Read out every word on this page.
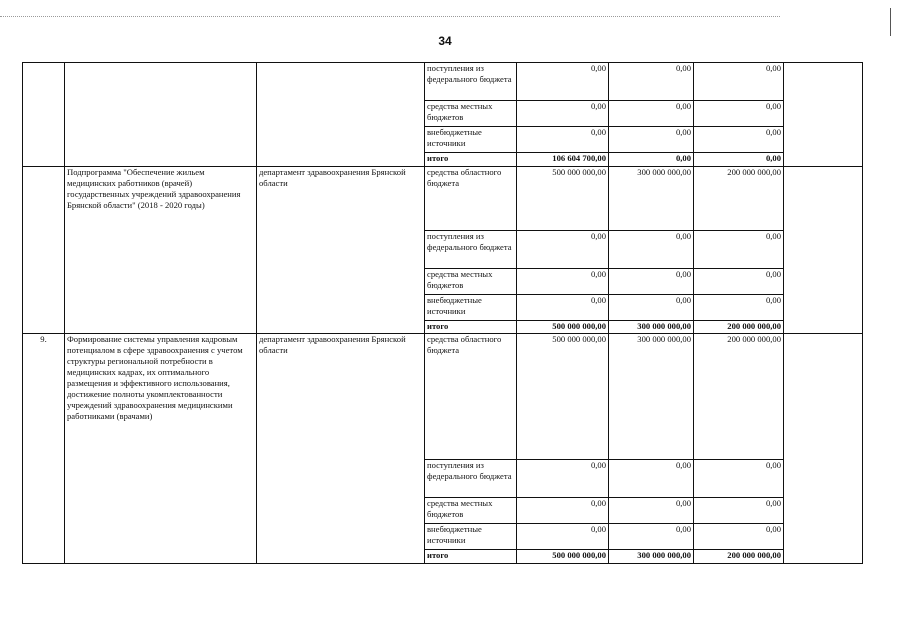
34
			поступления из федерального бюджета	0,00	0,00	0,00	
			средства местных бюджетов	0,00	0,00	0,00	
			внебюджетные источники	0,00	0,00	0,00	
			итого	106 604 700,00	0,00	0,00	
	Подпрограмма "Обеспечение жильем медицинских работников (врачей) государственных учреждений здравоохранения Брянской области" (2018 - 2020 годы)	департамент здравоохранения Брянской области	средства областного бюджета	500 000 000,00	300 000 000,00	200 000 000,00	
			поступления из федерального бюджета	0,00	0,00	0,00	
			средства местных бюджетов	0,00	0,00	0,00	
			внебюджетные источники	0,00	0,00	0,00	
			итого	500 000 000,00	300 000 000,00	200 000 000,00	
9.	Формирование системы управления кадровым потенциалом в сфере здравоохранения с учетом структуры региональной потребности в медицинских кадрах, их оптимального размещения и эффективного использования, достижение полноты укомплектованности учреждений здравоохранения медицинскими работниками (врачами)	департамент здравоохранения Брянской области	средства областного бюджета	500 000 000,00	300 000 000,00	200 000 000,00	
			поступления из федерального бюджета	0,00	0,00	0,00	
			средства местных бюджетов	0,00	0,00	0,00	
			внебюджетные источники	0,00	0,00	0,00	
			итого	500 000 000,00	300 000 000,00	200 000 000,00	
